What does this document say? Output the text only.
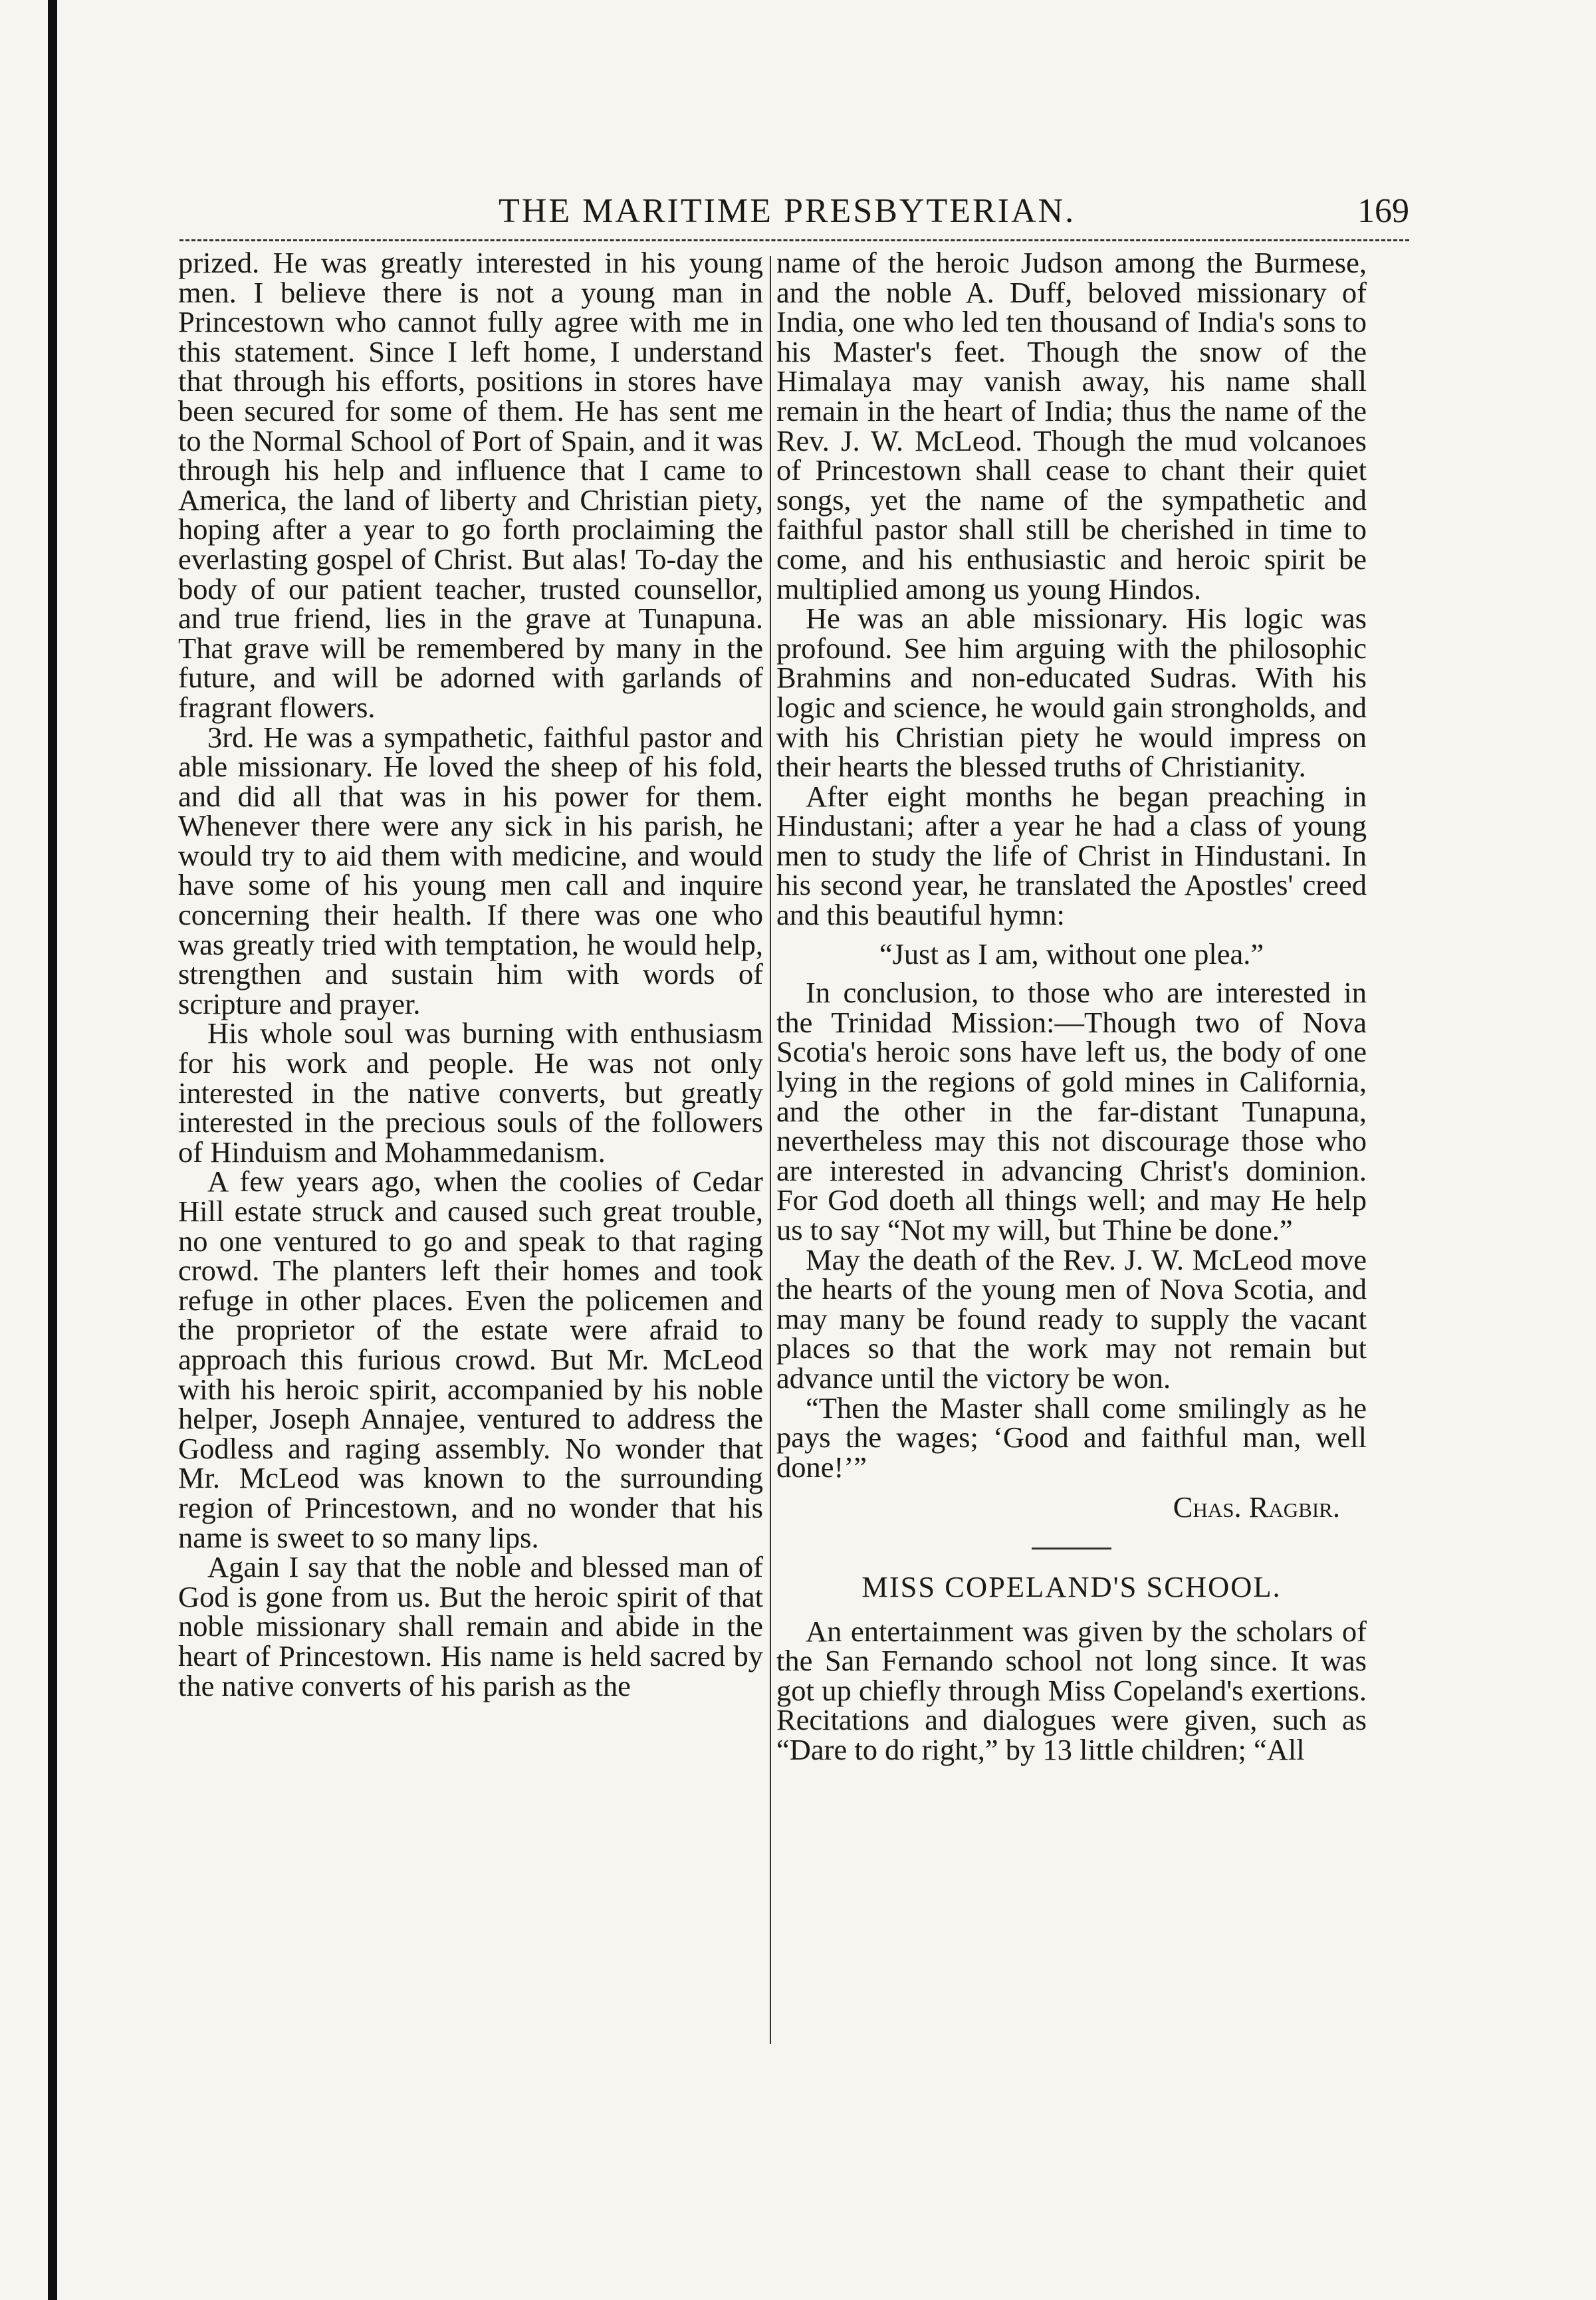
THE MARITIME PRESBYTERIAN.	169

prized. He was greatly interested in his young men. I believe there is not a young man in Princestown who cannot fully agree with me in this statement. Since I left home, I understand that through his efforts, positions in stores have been secured for some of them. He has sent me to the Normal School of Port of Spain, and it was through his help and influence that I came to America, the land of liberty and Christian piety, hoping after a year to go forth proclaiming the everlasting gospel of Christ. But alas! To-day the body of our patient teacher, trusted counsellor, and true friend, lies in the grave at Tunapuna. That grave will be remembered by many in the future, and will be adorned with garlands of fragrant flowers.

3rd. He was a sympathetic, faithful pastor and able missionary. He loved the sheep of his fold, and did all that was in his power for them. Whenever there were any sick in his parish, he would try to aid them with medicine, and would have some of his young men call and inquire concerning their health. If there was one who was greatly tried with temptation, he would help, strengthen and sustain him with words of scripture and prayer.

His whole soul was burning with enthusiasm for his work and people. He was not only interested in the native converts, but greatly interested in the precious souls of the followers of Hinduism and Mohammedanism.

A few years ago, when the coolies of Cedar Hill estate struck and caused such great trouble, no one ventured to go and speak to that raging crowd. The planters left their homes and took refuge in other places. Even the policemen and the proprietor of the estate were afraid to approach this furious crowd. But Mr. McLeod with his heroic spirit, accompanied by his noble helper, Joseph Annajee, ventured to address the Godless and raging assembly. No wonder that Mr. McLeod was known to the surrounding region of Princestown, and no wonder that his name is sweet to so many lips.

Again I say that the noble and blessed man of God is gone from us. But the heroic spirit of that noble missionary shall remain and abide in the heart of Princestown. His name is held sacred by the native converts of his parish as the

name of the heroic Judson among the Burmese, and the noble A. Duff, beloved missionary of India, one who led ten thousand of India's sons to his Master's feet. Though the snow of the Himalaya may vanish away, his name shall remain in the heart of India; thus the name of the Rev. J. W. McLeod. Though the mud volcanoes of Princestown shall cease to chant their quiet songs, yet the name of the sympathetic and faithful pastor shall still be cherished in time to come, and his enthusiastic and heroic spirit be multiplied among us young Hindos.

He was an able missionary. His logic was profound. See him arguing with the philosophic Brahmins and non-educated Sudras. With his logic and science, he would gain strongholds, and with his Christian piety he would impress on their hearts the blessed truths of Christianity.

After eight months he began preaching in Hindustani; after a year he had a class of young men to study the life of Christ in Hindustani. In his second year, he translated the Apostles' creed and this beautiful hymn:

“Just as I am, without one plea.”

In conclusion, to those who are interested in the Trinidad Mission:—Though two of Nova Scotia's heroic sons have left us, the body of one lying in the regions of gold mines in California, and the other in the far-distant Tunapuna, nevertheless may this not discourage those who are interested in advancing Christ's dominion. For God doeth all things well; and may He help us to say “Not my will, but Thine be done.”

May the death of the Rev. J. W. McLeod move the hearts of the young men of Nova Scotia, and may many be found ready to supply the vacant places so that the work may not remain but advance until the victory be won.

“Then the Master shall come smilingly as he pays the wages; ‘Good and faithful man, well done!’”

Chas. Ragbir.
MISS COPELAND'S SCHOOL.

An entertainment was given by the scholars of the San Fernando school not long since. It was got up chiefly through Miss Copeland's exertions. Recitations and dialogues were given, such as “Dare to do right,” by 13 little children; “All
